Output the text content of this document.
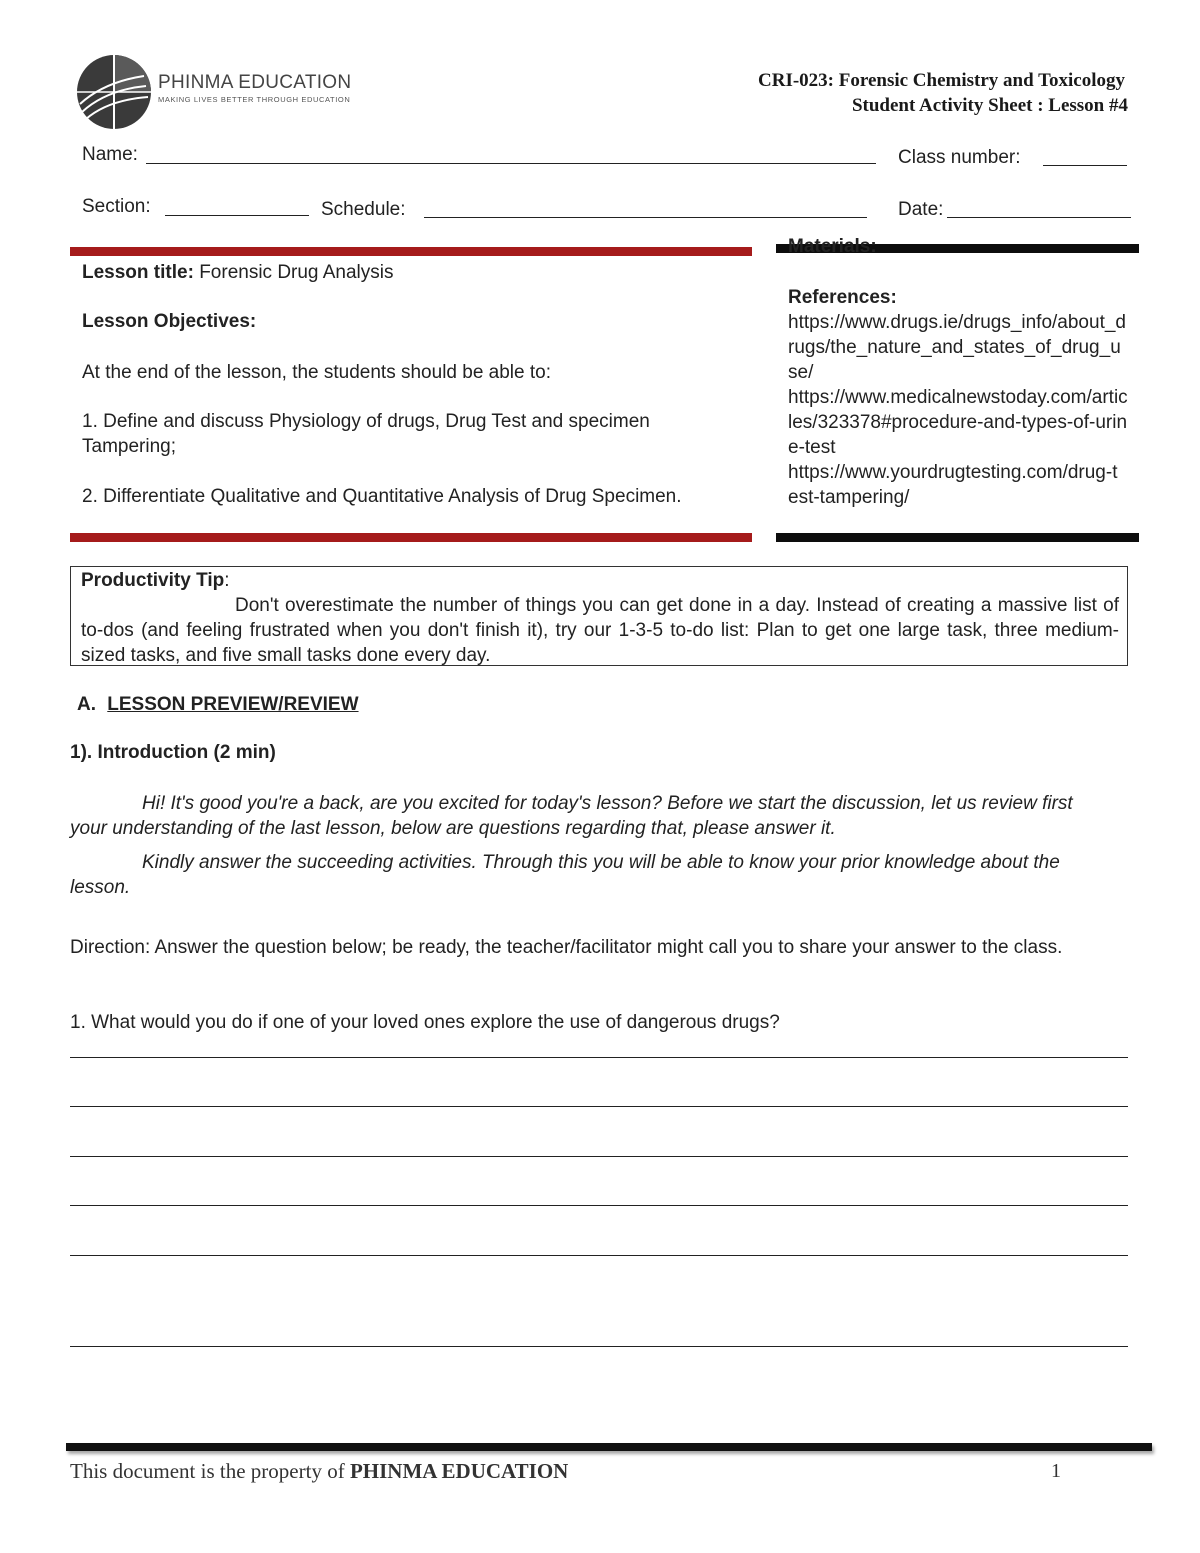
PHINMA EDUCATION
MAKING LIVES BETTER THROUGH EDUCATION
CRI-023: Forensic Chemistry and Toxicology
Student Activity Sheet : Lesson #4
Name:	Class number:
Section:	Schedule:	Date:
Lesson title: Forensic Drug Analysis
Lesson Objectives:
At the end of the lesson, the students should be able to:
1. Define and discuss Physiology of drugs, Drug Test and specimen Tampering;
2. Differentiate Qualitative and Quantitative Analysis of Drug Specimen.
Materials:
References:
https://www.drugs.ie/drugs_info/about_drugs/the_nature_and_states_of_drug_use/
https://www.medicalnewstoday.com/articles/323378#procedure-and-types-of-urine-test
https://www.yourdrugtesting.com/drug-test-tampering/
Productivity Tip:
Don't overestimate the number of things you can get done in a day. Instead of creating a massive list of to-dos (and feeling frustrated when you don't finish it), try our 1-3-5 to-do list: Plan to get one large task, three medium-sized tasks, and five small tasks done every day.
A. LESSON PREVIEW/REVIEW
1). Introduction (2 min)
Hi! It's good you're a back, are you excited for today's lesson? Before we start the discussion, let us review first your understanding of the last lesson, below are questions regarding that, please answer it.
Kindly answer the succeeding activities. Through this you will be able to know your prior knowledge about the lesson.
Direction: Answer the question below; be ready, the teacher/facilitator might call you to share your answer to the class.
1. What would you do if one of your loved ones explore the use of dangerous drugs?
This document is the property of PHINMA EDUCATION	1
